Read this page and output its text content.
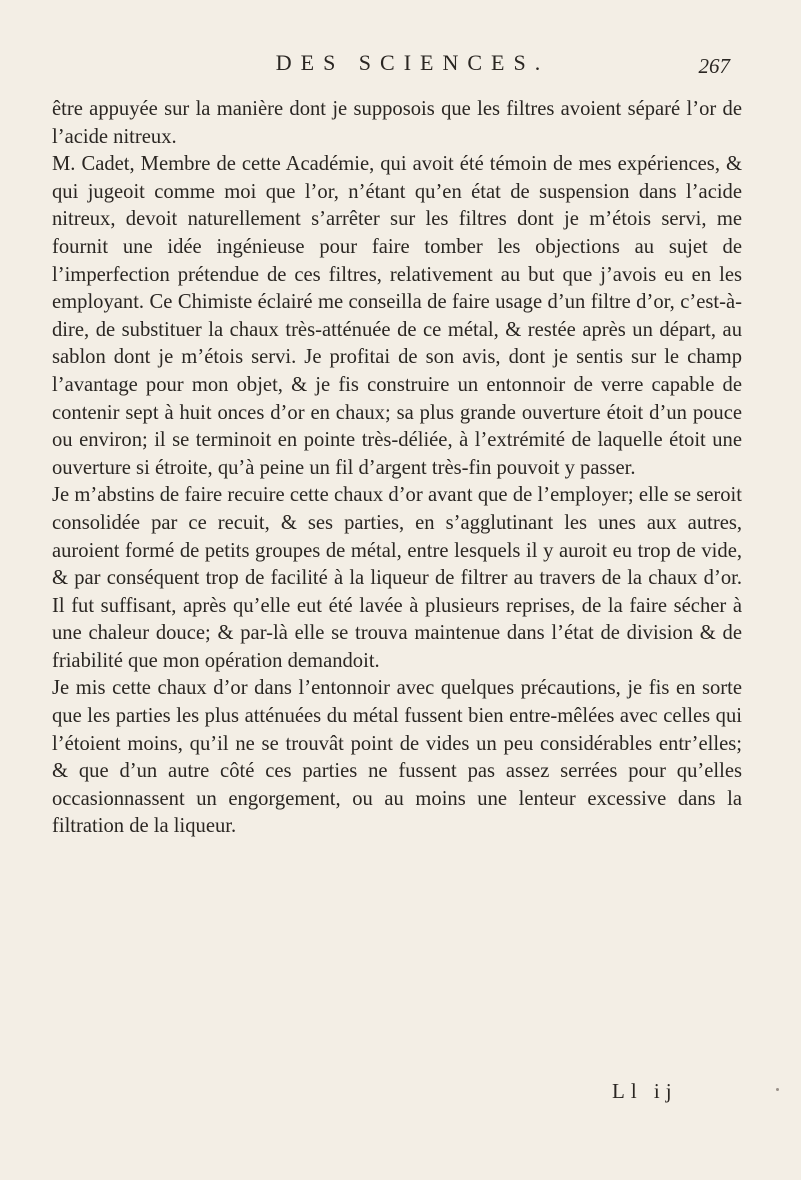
DES SCIENCES.	267

être appuyée sur la manière dont je supposois que les filtres avoient séparé l’or de l’acide nitreux.

M. Cadet, Membre de cette Académie, qui avoit été témoin de mes expériences, & qui jugeoit comme moi que l’or, n’étant qu’en état de suspension dans l’acide nitreux, devoit naturellement s’arrêter sur les filtres dont je m’étois servi, me fournit une idée ingénieuse pour faire tomber les objections au sujet de l’imperfection prétendue de ces filtres, relativement au but que j’avois eu en les employant. Ce Chimiste éclairé me conseilla de faire usage d’un filtre d’or, c’est-à-dire, de substituer la chaux très-atténuée de ce métal, & restée après un départ, au sablon dont je m’étois servi. Je profitai de son avis, dont je sentis sur le champ l’avantage pour mon objet, & je fis construire un entonnoir de verre capable de contenir sept à huit onces d’or en chaux; sa plus grande ouverture étoit d’un pouce ou environ; il se terminoit en pointe très-déliée, à l’extrémité de laquelle étoit une ouverture si étroite, qu’à peine un fil d’argent très-fin pouvoit y passer.

Je m’abstins de faire recuire cette chaux d’or avant que de l’employer; elle se seroit consolidée par ce recuit, & ses parties, en s’agglutinant les unes aux autres, auroient formé de petits groupes de métal, entre lesquels il y auroit eu trop de vide, & par conséquent trop de facilité à la liqueur de filtrer au travers de la chaux d’or. Il fut suffisant, après qu’elle eut été lavée à plusieurs reprises, de la faire sécher à une chaleur douce; & par-là elle se trouva maintenue dans l’état de division & de friabilité que mon opération demandoit.

Je mis cette chaux d’or dans l’entonnoir avec quelques précautions, je fis en sorte que les parties les plus atténuées du métal fussent bien entre-mêlées avec celles qui l’étoient moins, qu’il ne se trouvât point de vides un peu considérables entr’elles; & que d’un autre côté ces parties ne fussent pas assez serrées pour qu’elles occasionnassent un engorgement, ou au moins une lenteur excessive dans la filtration de la liqueur.

Ll ij
